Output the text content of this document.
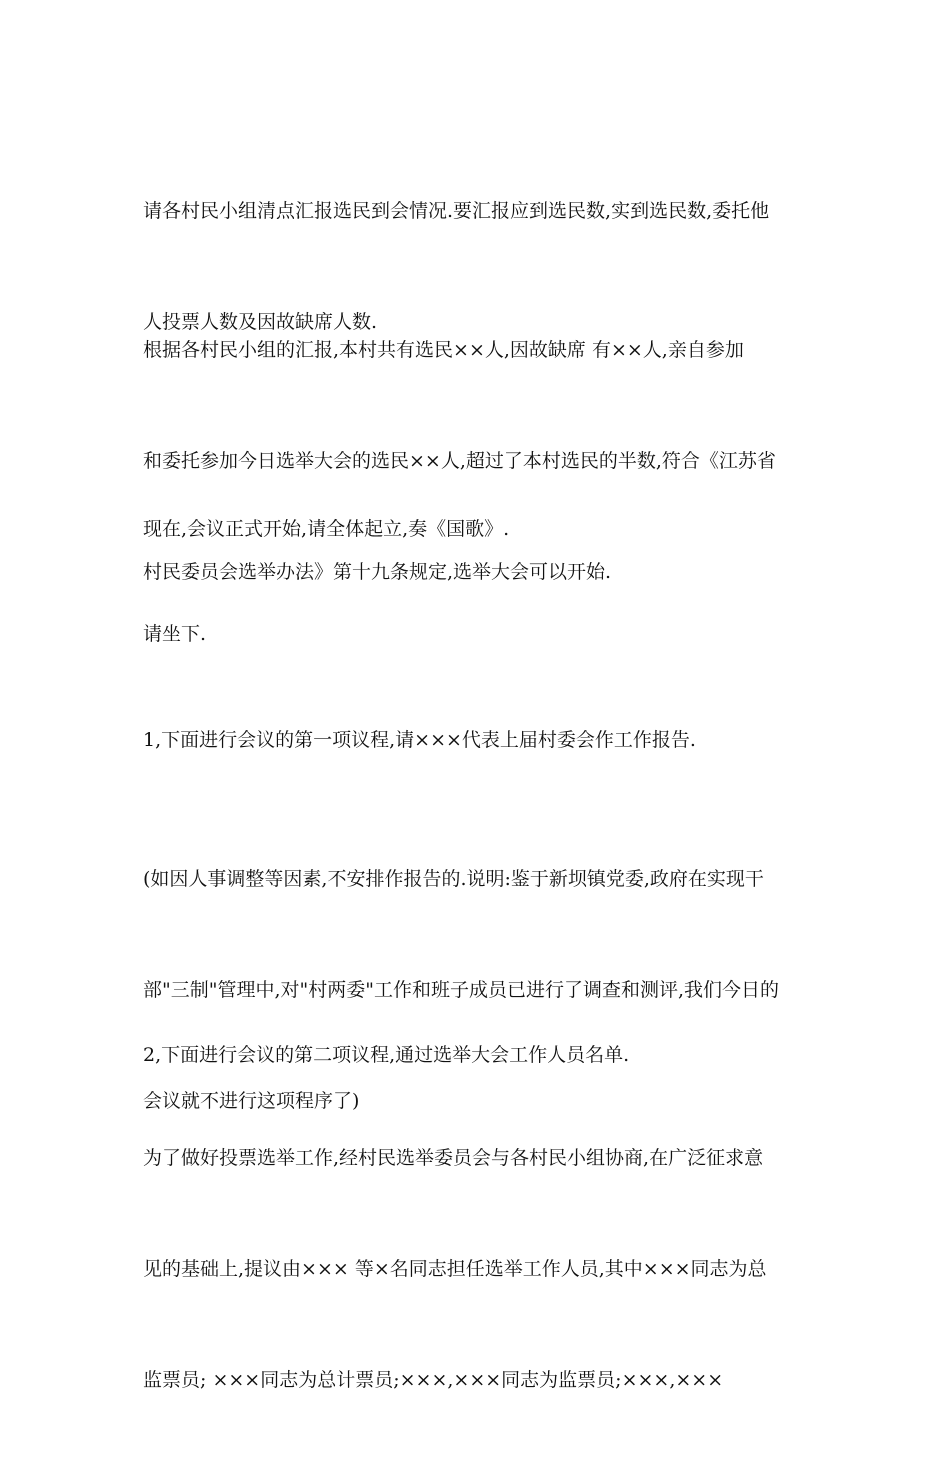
请各村民小组清点汇报选民到会情况.要汇报应到选民数,实到选民数,委托他

人投票人数及因故缺席人数.

根据各村民小组的汇报,本村共有选民××人,因故缺席 有××人,亲自参加

和委托参加今日选举大会的选民××人,超过了本村选民的半数,符合《江苏省

村民委员会选举办法》第十九条规定,选举大会可以开始.

现在,会议正式开始,请全体起立,奏《国歌》.

请坐下.

1,下面进行会议的第一项议程,请×××代表上届村委会作工作报告.

(如因人事调整等因素,不安排作报告的.说明:鉴于新坝镇党委,政府在实现干

部"三制"管理中,对"村两委"工作和班子成员已进行了调查和测评,我们今日的

会议就不进行这项程序了)

2,下面进行会议的第二项议程,通过选举大会工作人员名单.

为了做好投票选举工作,经村民选举委员会与各村民小组协商,在广泛征求意

见的基础上,提议由××× 等×名同志担任选举工作人员,其中×××同志为总

监票员; ×××同志为总计票员;×××,×××同志为监票员;×××,×××
